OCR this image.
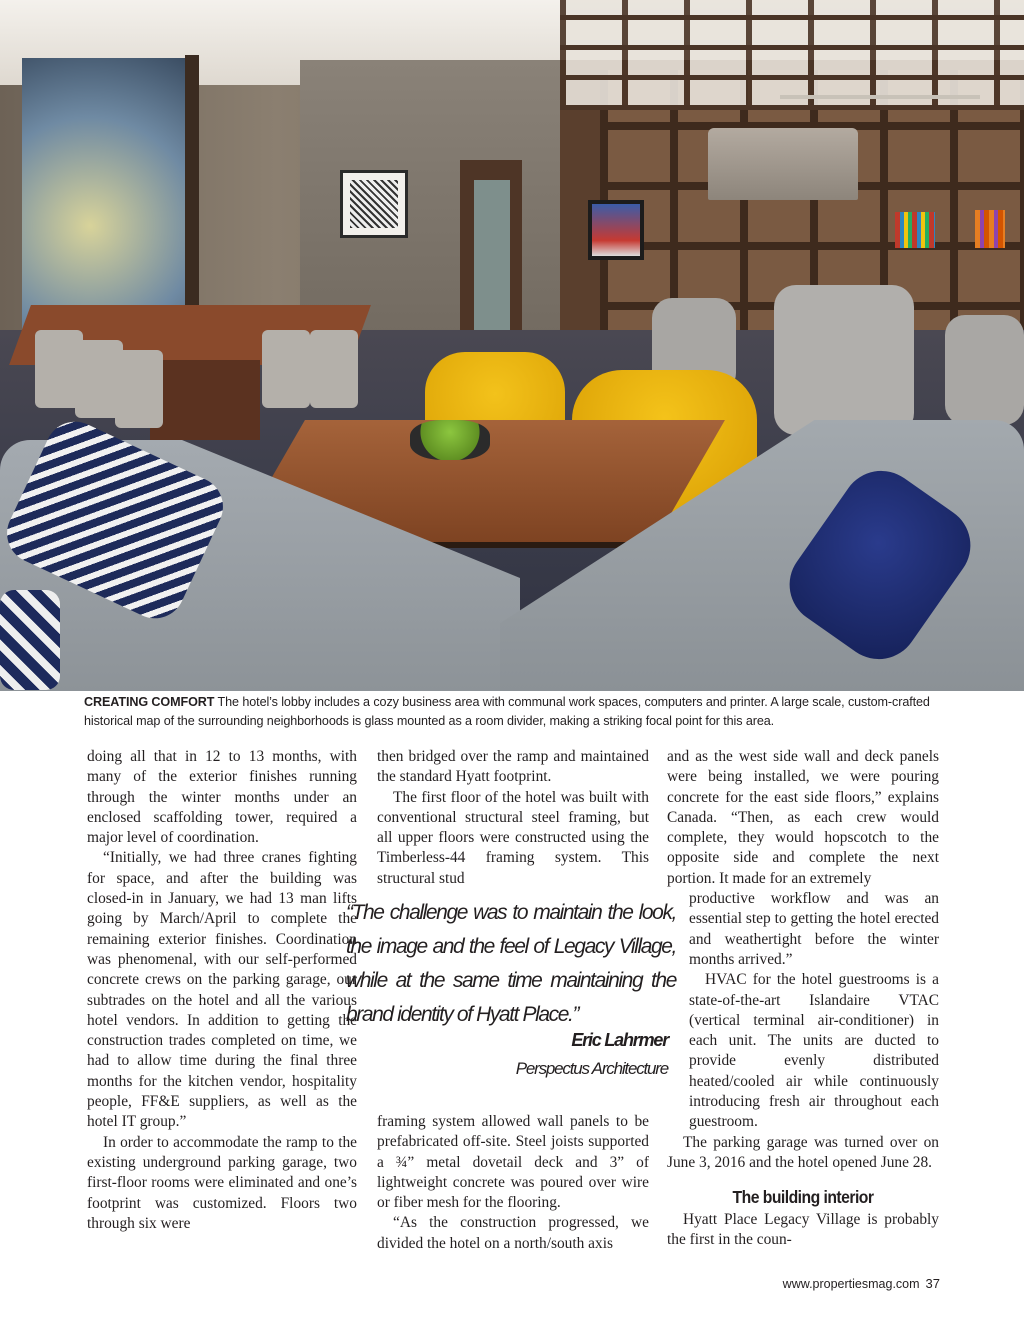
CREATING COMFORT The hotel’s lobby includes a cozy business area with communal work spaces, computers and printer. A large scale, custom-crafted historical map of the surrounding neighborhoods is glass mounted as a room divider, making a striking focal point for this area.

doing all that in 12 to 13 months, with many of the exterior finishes running through the winter months under an enclosed scaffolding tower, required a major level of coordination.

“Initially, we had three cranes fighting for space, and after the building was closed-in in January, we had 13 man lifts going by March/April to complete the remaining exterior finishes. Coordination was phenomenal, with our self-performed concrete crews on the parking garage, our subtrades on the hotel and all the various hotel vendors. In addition to getting the construction trades completed on time, we had to allow time during the final three months for the kitchen vendor, hospitality people, FF&E suppliers, as well as the hotel IT group.”

In order to accommodate the ramp to the existing underground parking garage, two first-floor rooms were eliminated and one’s footprint was customized. Floors two through six were

then bridged over the ramp and maintained the standard Hyatt footprint.

The first floor of the hotel was built with conventional structural steel framing, but all upper floors were constructed using the Timberless-44 framing system. This structural stud

“The challenge was to maintain the look, the image and the feel of Legacy Village, while at the same time maintaining the brand identity of Hyatt Place.”
Eric Lahrmer
Perspectus Architecture

framing system allowed wall panels to be prefabricated off-site. Steel joists supported a ¾” metal dovetail deck and 3” of lightweight concrete was poured over wire or fiber mesh for the flooring.

“As the construction progressed, we divided the hotel on a north/south axis

and as the west side wall and deck panels were being installed, we were pouring concrete for the east side floors,” explains Canada. “Then, as each crew would complete, they would hopscotch to the opposite side and complete the next portion. It made for an extremely

productive workflow and was an essential step to getting the hotel erected and weathertight before the winter months arrived.”

HVAC for the hotel guestrooms is a state-of-the-art Islandaire VTAC (vertical terminal air-conditioner) in each unit. The units are ducted to provide evenly distributed heated/cooled air while continuously introducing fresh air throughout each guestroom.

The parking garage was turned over on June 3, 2016 and the hotel opened June 28.

The building interior

Hyatt Place Legacy Village is probably the first in the coun-

www.propertiesmag.com 37
